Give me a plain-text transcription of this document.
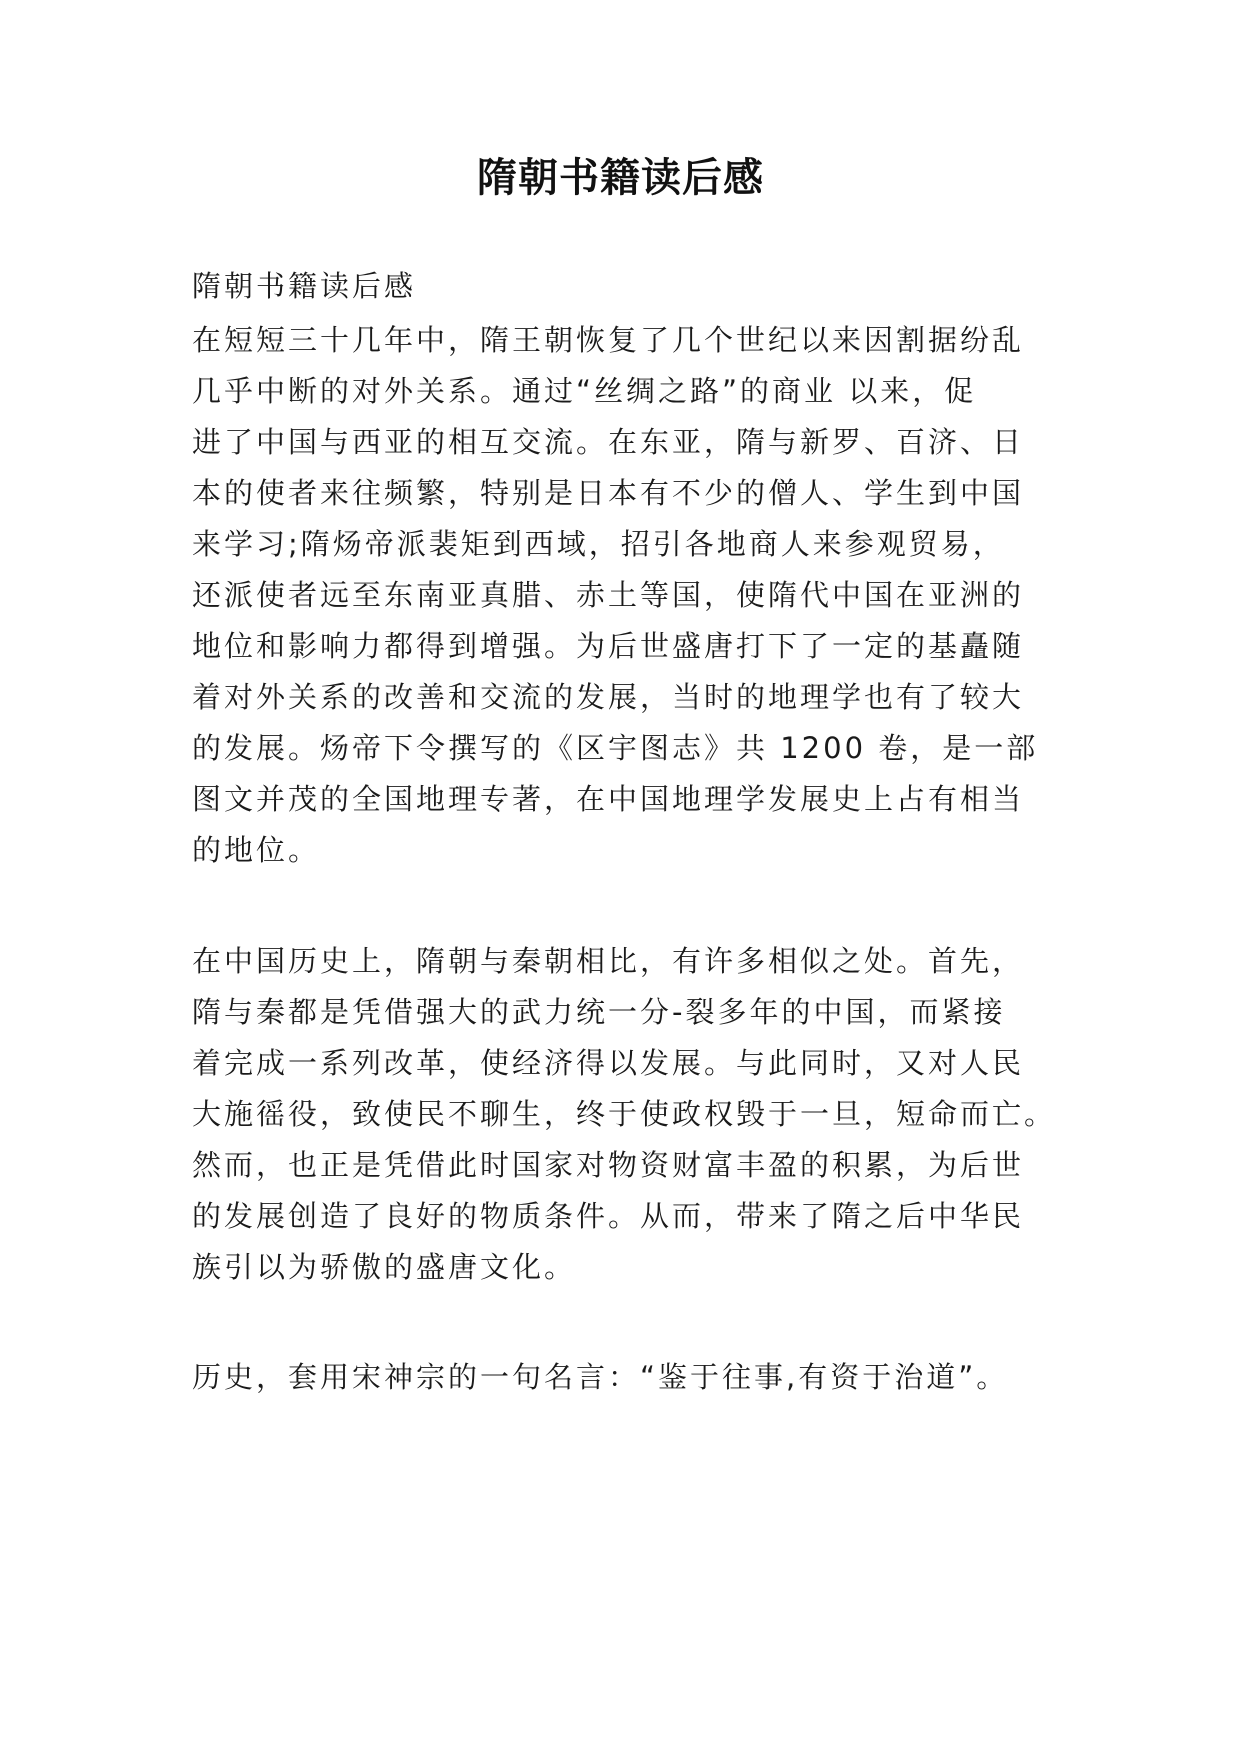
隋朝书籍读后感
隋朝书籍读后感
在短短三十几年中，隋王朝恢复了几个世纪以来因割据纷乱
几乎中断的对外关系。通过“丝绸之路”的商业 以来，促
进了中国与西亚的相互交流。在东亚，隋与新罗、百济、日
本的使者来往频繁，特别是日本有不少的僧人、学生到中国
来学习;隋炀帝派裴矩到西域，招引各地商人来参观贸易，
还派使者远至东南亚真腊、赤土等国，使隋代中国在亚洲的
地位和影响力都得到增强。为后世盛唐打下了一定的基矗随
着对外关系的改善和交流的发展，当时的地理学也有了较大
的发展。炀帝下令撰写的《区宇图志》共 1200 卷，是一部
图文并茂的全国地理专著，在中国地理学发展史上占有相当
的地位。
在中国历史上，隋朝与秦朝相比，有许多相似之处。首先，
隋与秦都是凭借强大的武力统一分-裂多年的中国，而紧接
着完成一系列改革，使经济得以发展。与此同时，又对人民
大施徭役，致使民不聊生，终于使政权毁于一旦，短命而亡。
然而，也正是凭借此时国家对物资财富丰盈的积累，为后世
的发展创造了良好的物质条件。从而，带来了隋之后中华民
族引以为骄傲的盛唐文化。
历史，套用宋神宗的一句名言：“鉴于往事,有资于治道”。
